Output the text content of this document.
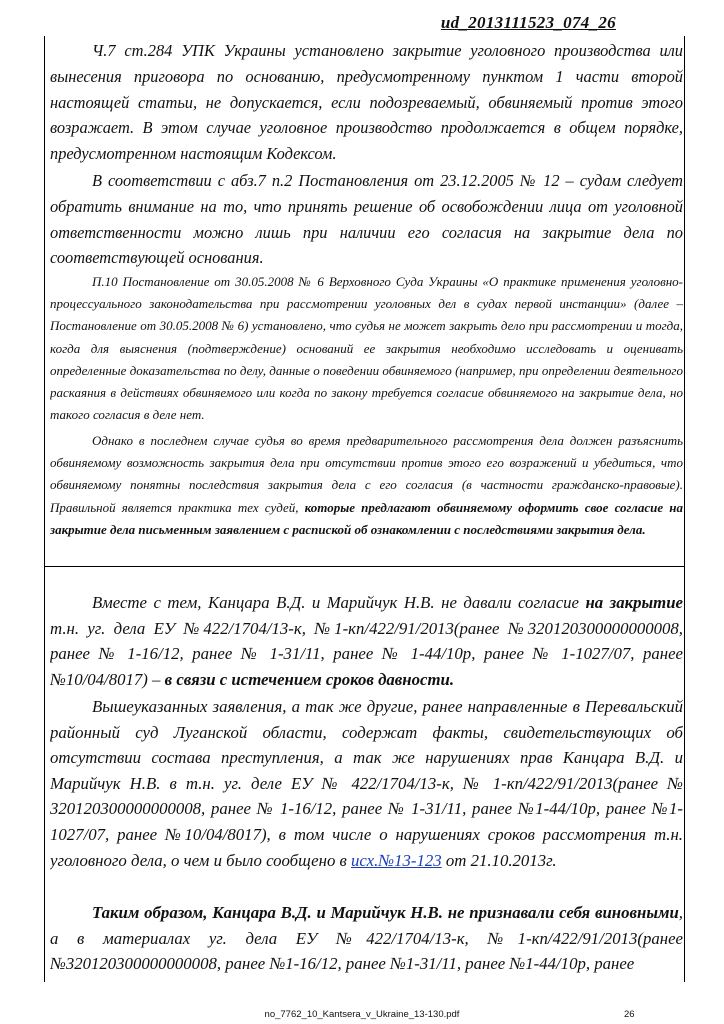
ud_2013111523_074_26

Ч.7 ст.284 УПК Украины установлено закрытие уголовного производства или вынесения приговора по основанию, предусмотренному пунктом 1 части второй настоящей статьи, не допускается, если подозреваемый, обвиняемый против этого возражает. В этом случае уголовное производство продолжается в общем порядке, предусмотренном настоящим Кодексом.

В соответствии с абз.7 п.2 Постановления от 23.12.2005 № 12 – судам следует обратить внимание на то, что принять решение об освобождении лица от уголовной ответственности можно лишь при наличии его согласия на закрытие дела по соответствующей основания.

П.10 Постановление от 30.05.2008 № 6 Верховного Суда Украины «О практике применения уголовно-процессуального законодательства при рассмотрении уголовных дел в судах первой инстанции» (далее – Постановление от 30.05.2008 № 6) установлено, что судья не может закрыть дело при рассмотрении и тогда, когда для выяснения (подтверждение) оснований ее закрытия необходимо исследовать и оценивать определенные доказательства по делу, данные о поведении обвиняемого (например, при определении деятельного раскаяния в действиях обвиняемого или когда по закону требуется согласие обвиняемого на закрытие дела, но такого согласия в деле нет.

Однако в последнем случае судья во время предварительного рассмотрения дела должен разъяснить обвиняемому возможность закрытия дела при отсутствии против этого его возражений и убедиться, что обвиняемому понятны последствия закрытия дела с его согласия (в частности гражданско-правовые). Правильной является практика тех судей, которые предлагают обвиняемому оформить свое согласие на закрытие дела письменным заявлением с распиской об ознакомлении с последствиями закрытия дела.

Вместе с тем, Канцара В.Д. и Марийчук Н.В. не давали согласие на закрытие т.н. уг. дела ЕУ №422/1704/13-к, №1-кп/422/91/2013(ранее №320120300000000008, ранее № 1-16/12, ранее № 1-31/11, ранее № 1-44/10р, ранее № 1-1027/07, ранее №10/04/8017) – в связи с истечением сроков давности.

Вышеуказанных заявления, а так же другие, ранее направленные в Перевальский районный суд Луганской области, содержат факты, свидетельствующих об отсутствии состава преступления, а так же нарушениях прав Канцара В.Д. и Марийчук Н.В. в т.н. уг. деле ЕУ № 422/1704/13-к, № 1-кп/422/91/2013(ранее № 320120300000000008, ранее № 1-16/12, ранее № 1-31/11, ранее №1-44/10р, ранее №1-1027/07, ранее №10/04/8017), в том числе о нарушениях сроков рассмотрения т.н. уголовного дела, о чем и было сообщено в исх.№13-123 от 21.10.2013г.

Таким образом, Канцара В.Д. и Марийчук Н.В. не признавали себя виновными, а в материалах уг. дела ЕУ №422/1704/13-к, №1-кп/422/91/2013(ранее №320120300000000008, ранее №1-16/12, ранее №1-31/11, ранее №1-44/10р, ранее

no_7762_10_Kantsera_v_Ukraine_13-130.pdf	26
